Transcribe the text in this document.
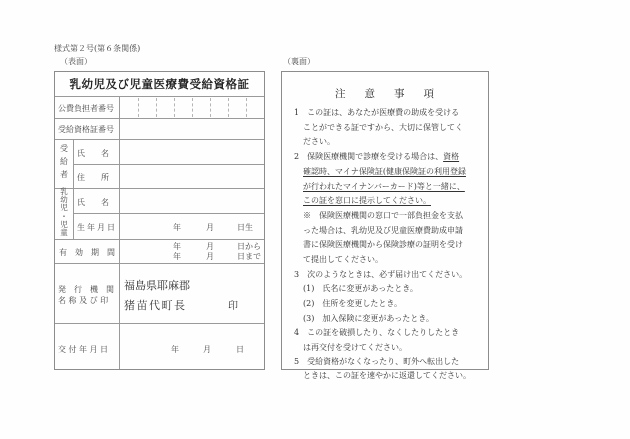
様式第２号(第６条関係)
（表面）	（裏面）
乳幼児及び児童医療費受給資格証
公費負担者番号
受給資格証番号
受
給
者
氏　　名
住　　所
乳
幼
児
・
児
童
氏　　名
生年月日	年	月	日生
有　効　期　間
年	月	日から
年	月	日まで
発　行　機　関
名 称 及 び 印
福島県耶麻郡
猪苗代町長	印
交付年月日	年	月	日
注 意 事 項
1　この証は、あなたが医療費の助成を受ける
ことができる証ですから、大切に保管してく
ださい。
2　保険医療機関で診療を受ける場合は、資格
確認時、マイナ保険証(健康保険証の利用登録
が行われたマイナンバーカード)等と一緒に、
この証を窓口に提示してください。
※　保険医療機関の窓口で一部負担金を支払
った場合は、乳幼児及び児童医療費助成申請
書に保険医療機関から保険診療の証明を受け
て提出してください。
3　次のようなときは、必ず届け出てください。
(1)　氏名に変更があったとき。
(2)　住所を変更したとき。
(3)　加入保険に変更があったとき。
4　この証を破損したり、なくしたりしたとき
は再交付を受けてください。
5　受給資格がなくなったり、町外へ転出した
ときは、この証を速やかに返還してください。
